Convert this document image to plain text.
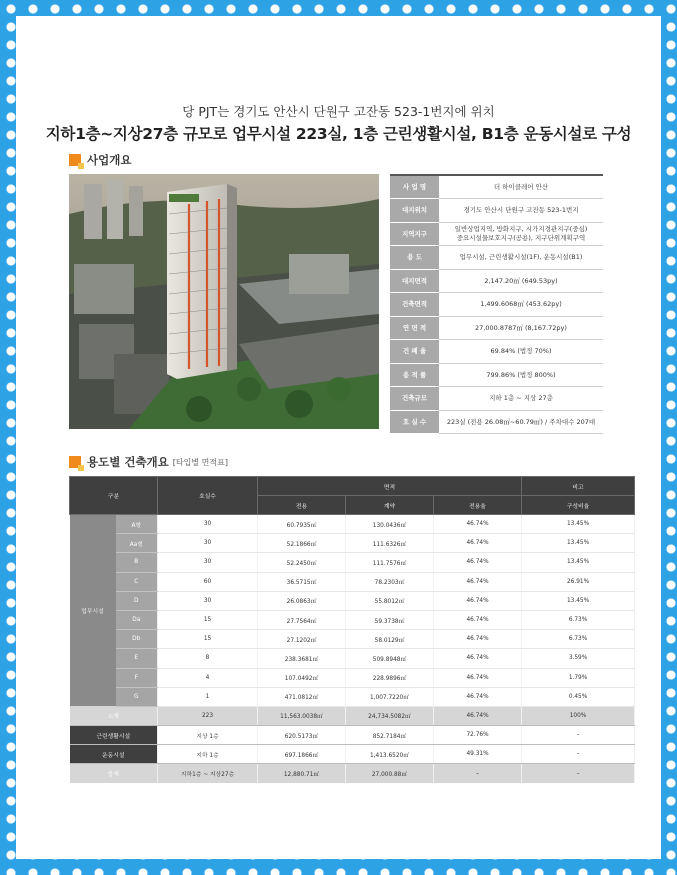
당 PJT는 경기도 안산시 단원구 고잔동 523-1번지에 위치
지하1층~지상27층 규모로 업무시설 223실, 1층 근린생활시설, B1층 운동시설로 구성
사업개요
사 업 명	더 하이클레어 안산
대지위치	경기도 안산시 단원구 고잔동 523-1번지
지역지구	일반상업지역, 방화지구, 시가지경관지구(중심)
중요시설물보호지구(공용), 지구단위계획구역

용 도	업무시설, 근린생활시설(1F), 운동시설(B1)
대지면적	2,147.20㎡ (649.53py)
건축면적	1,499.6068㎡ (453.62py)
연 면 적	27,000.8787㎡ (8,167.72py)
건 폐 율	69.84% (법정 70%)
용 적 률	799.86% (법정 800%)
건축규모	지하 1층 ~ 지상 27층
호 실 수	223실 (전용 26.08㎡~60.79㎡) / 주차대수 207대
용도별 건축개요 [타입별 면적표]
구분		호실수	면적			비고
			전용	계약	전용율	구성비율
업무시설	A형	30	60.7935㎡	130.0436㎡	46.74%	13.45%
	Aa형	30	52.1866㎡	111.6326㎡	46.74%	13.45%
	B	30	52.2450㎡	111.7576㎡	46.74%	13.45%
	C	60	36.5715㎡	78.2303㎡	46.74%	26.91%
	D	30	26.0863㎡	55.8012㎡	46.74%	13.45%
	Da	15	27.7564㎡	59.3738㎡	46.74%	6.73%
	Db	15	27.1202㎡	58.0129㎡	46.74%	6.73%
	E	8	238.3681㎡	509.8948㎡	46.74%	3.59%
	F	4	107.0492㎡	228.9896㎡	46.74%	1.79%
	G	1	471.0812㎡	1,007.7220㎡	46.74%	0.45%
소계		223	11,563.0038㎡	24,734.5082㎡	46.74%	100%
근린생활시설		지상 1층	620.5173㎡	852.7184㎡	72.76%	–
운동시설		지하 1층	697.1866㎡	1,413.6520㎡	49.31%	–
합계		지하1층 ~ 지상27층	12,880.71㎡	27,000.88㎡	–	–
